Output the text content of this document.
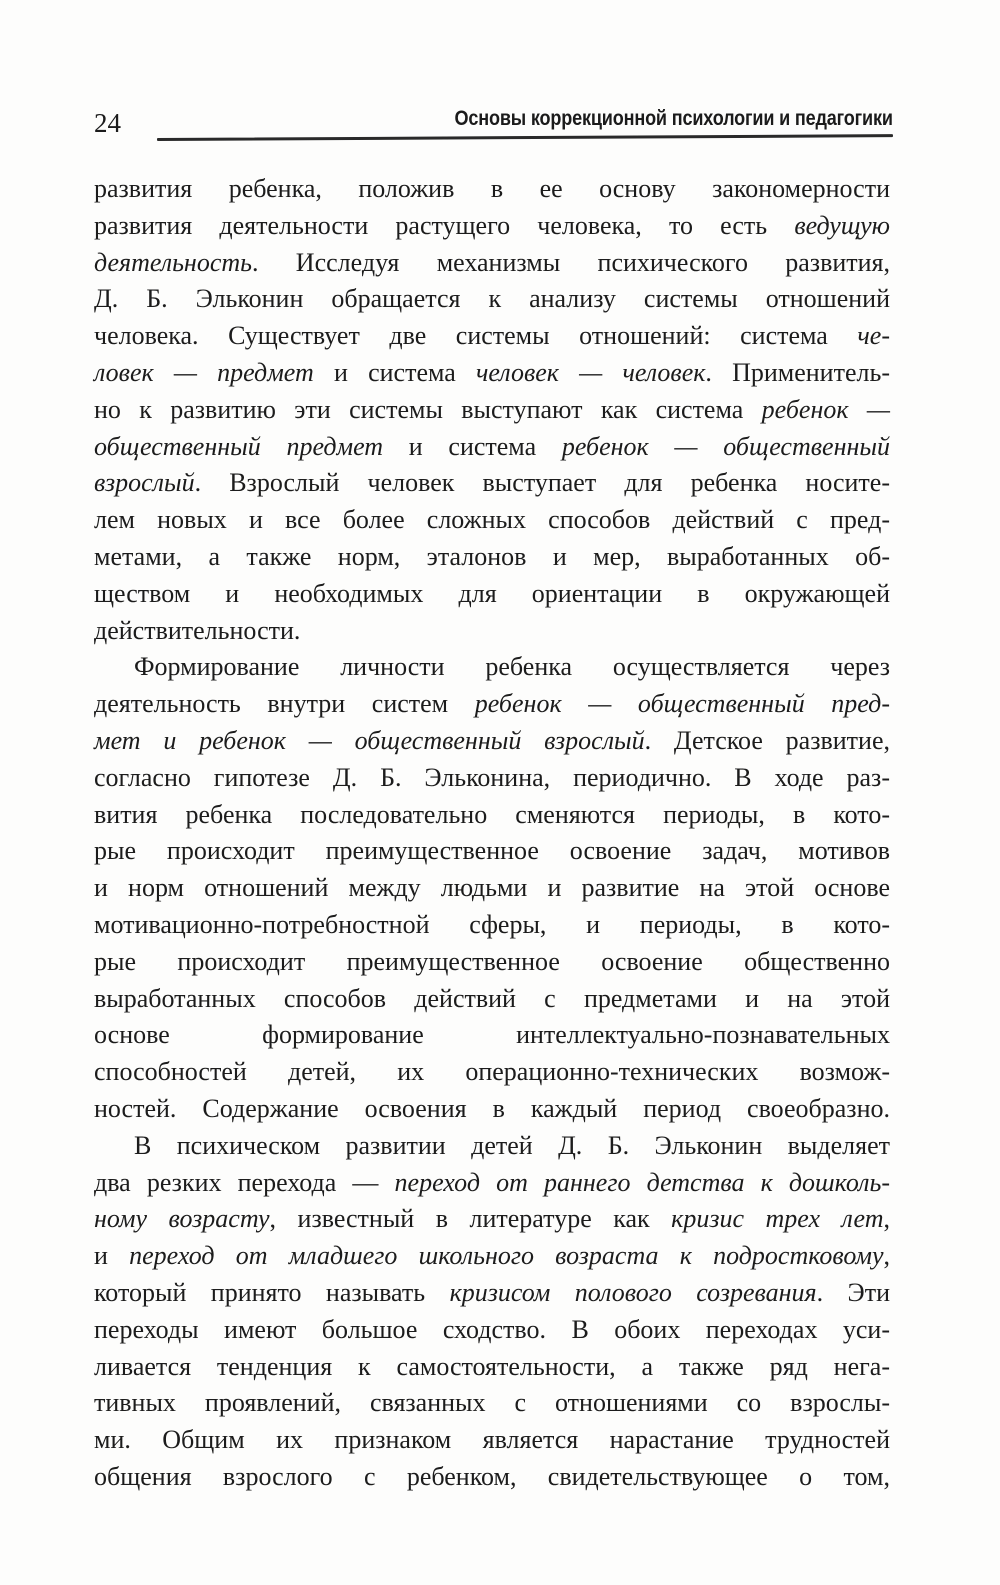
24	Основы коррекционной психологии и педагогики
развития ребенка, положив в ее основу закономерности
развития деятельности растущего человека, то есть ведущую
деятельность. Исследуя механизмы психического развития,
Д. Б. Эльконин обращается к анализу системы отношений
человека. Существует две системы отношений: система че-
ловек — предмет и система человек — человек. Применитель-
но к развитию эти системы выступают как система ребенок —
общественный предмет и система ребенок — общественный
взрослый. Взрослый человек выступает для ребенка носите-
лем новых и все более сложных способов действий с пред-
метами, а также норм, эталонов и мер, выработанных об-
ществом и необходимых для ориентации в окружающей
действительности.
Формирование личности ребенка осуществляется через
деятельность внутри систем ребенок — общественный пред-
мет и ребенок — общественный взрослый. Детское развитие,
согласно гипотезе Д. Б. Эльконина, периодично. В ходе раз-
вития ребенка последовательно сменяются периоды, в кото-
рые происходит преимущественное освоение задач, мотивов
и норм отношений между людьми и развитие на этой основе
мотивационно-потребностной сферы, и периоды, в кото-
рые происходит преимущественное освоение общественно
выработанных способов действий с предметами и на этой
основе формирование интеллектуально-познавательных
способностей детей, их операционно-технических возмож-
ностей. Содержание освоения в каждый период своеобразно.
В психическом развитии детей Д. Б. Эльконин выделяет
два резких перехода — переход от раннего детства к дошколь-
ному возрасту, известный в литературе как кризис трех лет,
и переход от младшего школьного возраста к подростковому,
который принято называть кризисом полового созревания. Эти
переходы имеют большое сходство. В обоих переходах уси-
ливается тенденция к самостоятельности, а также ряд нега-
тивных проявлений, связанных с отношениями со взрослы-
ми. Общим их признаком является нарастание трудностей
общения взрослого с ребенком, свидетельствующее о том,
